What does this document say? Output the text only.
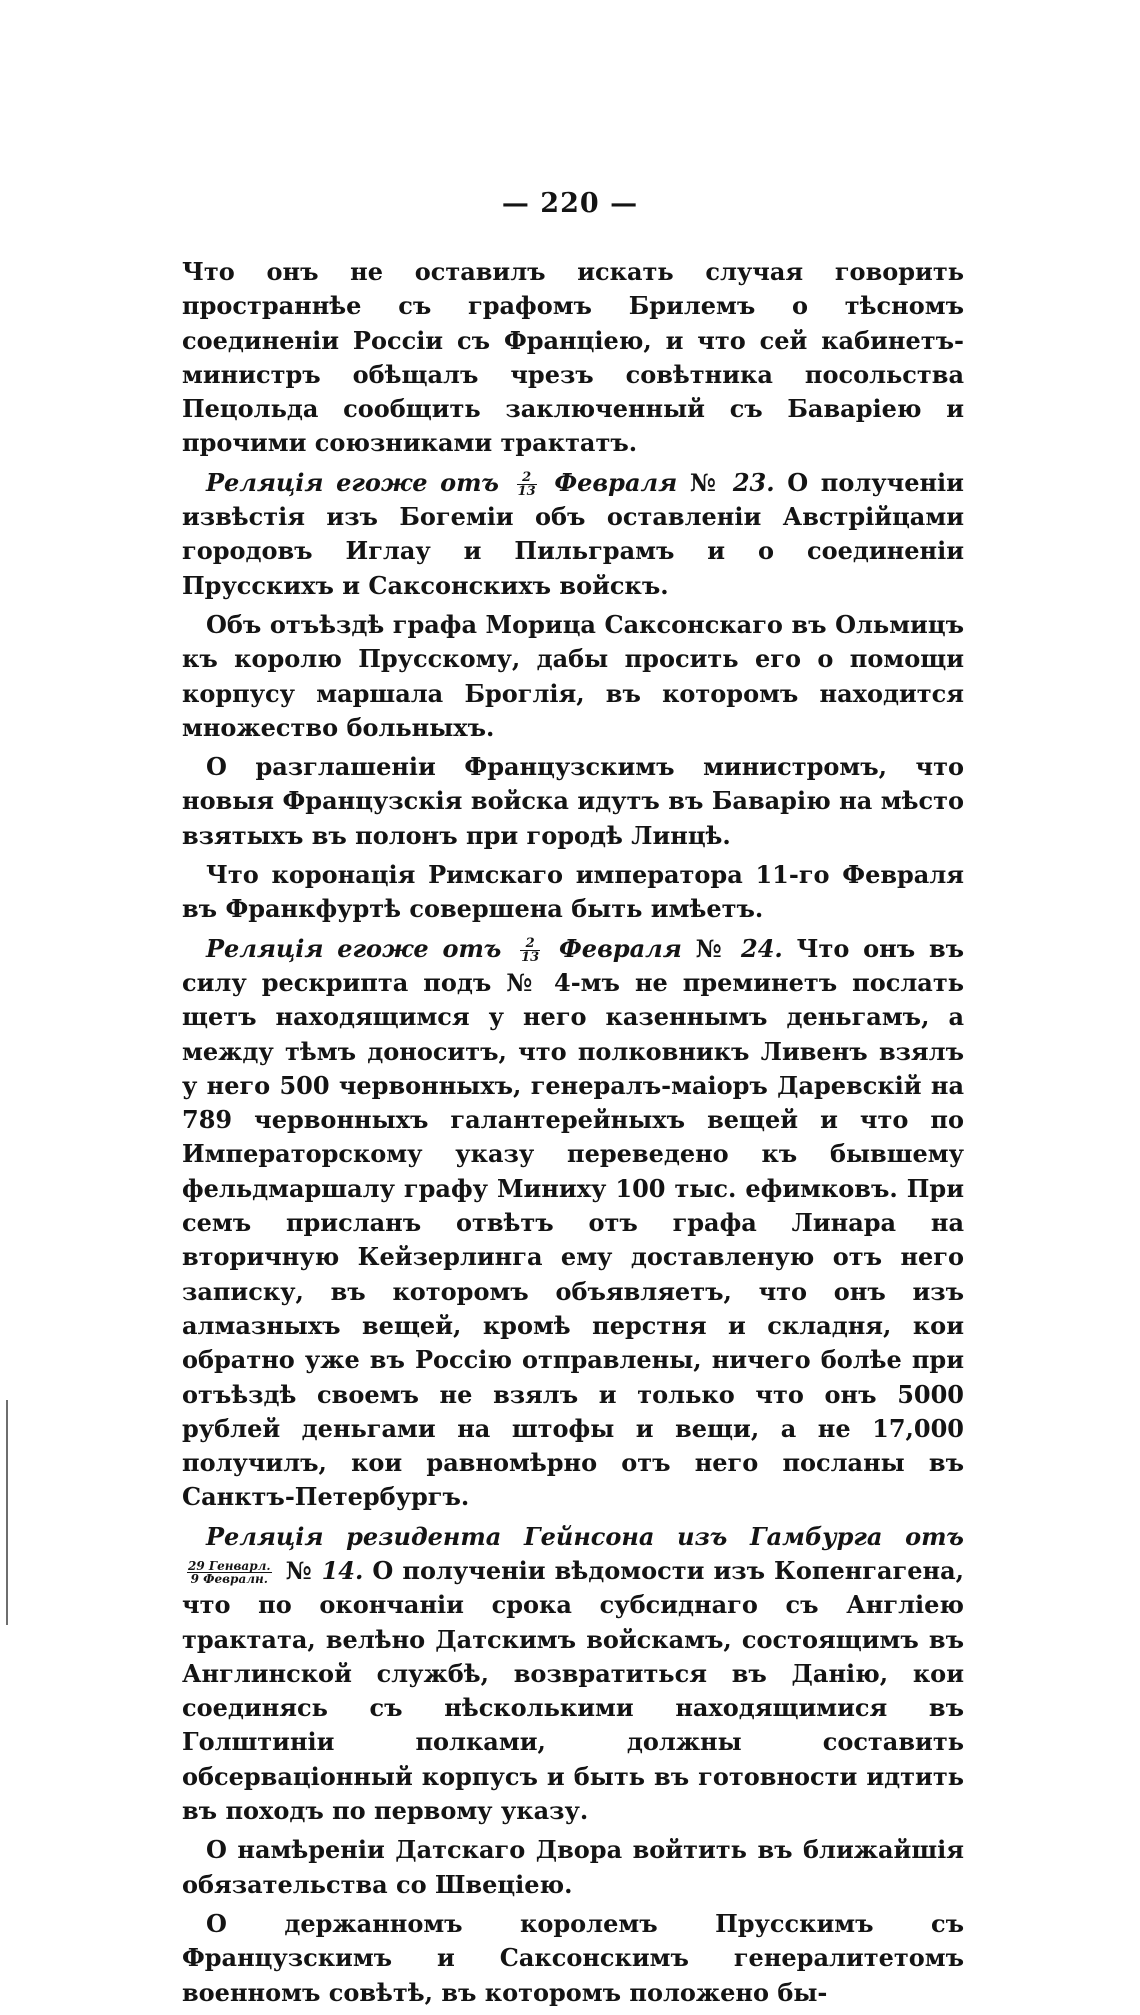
— 220 —

Что онъ не оставилъ искать случая говорить пространнѣе съ графомъ Брилемъ о тѣсномъ соединеніи Россіи съ Франціею, и что сей кабинетъ-министръ обѣщалъ чрезъ совѣтника посольства Пецольда сообщить заключенный съ Баваріею и прочими союзниками трактатъ.

Реляція егоже отъ $\frac{2}{13}$ Февраля № 23. О полученіи извѣстія изъ Богеміи объ оставленіи Австрійцами городовъ Иглау и Пильграмъ и о соединеніи Прусскихъ и Саксонскихъ войскъ.

Объ отъѣздѣ графа Морица Саксонскаго въ Ольмицъ къ королю Прусскому, дабы просить его о помощи корпусу маршала Броглія, въ которомъ находится множество больныхъ.

О разглашеніи Французскимъ министромъ, что новыя Французскія войска идутъ въ Баварію на мѣсто взятыхъ въ полонъ при городѣ Линцѣ.

Что коронація Римскаго императора 11-го Февраля въ Франкфуртѣ совершена быть имѣетъ.

Реляція егоже отъ $\frac{2}{13}$ Февраля № 24. Что онъ въ силу рескрипта подъ № 4-мъ не преминетъ послать щетъ находящимся у него казеннымъ деньгамъ, а между тѣмъ доноситъ, что полковникъ Ливенъ взялъ у него 500 червонныхъ, генералъ-маіоръ Даревскій на 789 червонныхъ галантерейныхъ вещей и что по Императорскому указу переведено къ бывшему фельдмаршалу графу Миниху 100 тыс. ефимковъ. При семъ присланъ отвѣтъ отъ графа Линара на вторичную Кейзерлинга ему доставленую отъ него записку, въ которомъ объявляетъ, что онъ изъ алмазныхъ вещей, кромѣ перстня и складня, кои обратно уже въ Россію отправлены, ничего болѣе при отъѣздѣ своемъ не взялъ и только что онъ 5000 рублей деньгами на штофы и вещи, а не 17,000 получилъ, кои равномѣрно отъ него посланы въ Санктъ-Петербургъ.

Реляція резидента Гейнсона изъ Гамбурга отъ
$\frac{\text{29 Генварл.}}{\text{9 Февралн.}}$ № 14. О полученіи вѣдомости изъ Копенгагена, что по окончаніи срока субсиднаго съ Англіею трактата, велѣно Датскимъ войскамъ, состоящимъ въ Англинской службѣ, возвратиться въ Данію, кои соединясь съ нѣсколькими находящимися въ Голштиніи полками, должны составить обсерваціонный корпусъ и быть въ готовности идтить въ походъ по первому указу.

О намѣреніи Датскаго Двора войтить въ ближайшія обязательства со Швеціею.

О держанномъ королемъ Прусскимъ съ Французскимъ и Саксонскимъ генералитетомъ военномъ совѣтѣ, въ которомъ положено бы-
